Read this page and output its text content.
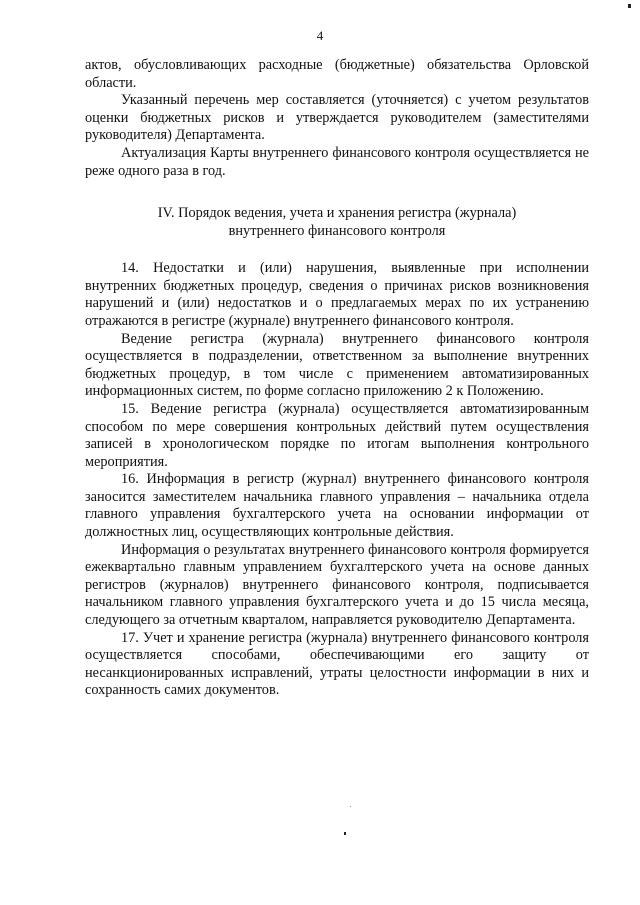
4

актов, обусловливающих расходные (бюджетные) обязательства Орловской области.

Указанный перечень мер составляется (уточняется) с учетом результатов оценки бюджетных рисков и утверждается руководителем (заместителями руководителя) Департамента.

Актуализация Карты внутреннего финансового контроля осуществляется не реже одного раза в год.

IV. Порядок ведения, учета и хранения регистра (журнала)
внутреннего финансового контроля

14. Недостатки и (или) нарушения, выявленные при исполнении внутренних бюджетных процедур, сведения о причинах рисков возникновения нарушений и (или) недостатков и о предлагаемых мерах по их устранению отражаются в регистре (журнале) внутреннего финансового контроля.

Ведение регистра (журнала) внутреннего финансового контроля осуществляется в подразделении, ответственном за выполнение внутренних бюджетных процедур, в том числе с применением автоматизированных информационных систем, по форме согласно приложению 2 к Положению.

15. Ведение регистра (журнала) осуществляется автоматизированным способом по мере совершения контрольных действий путем осуществления записей в хронологическом порядке по итогам выполнения контрольного мероприятия.

16. Информация в регистр (журнал) внутреннего финансового контроля заносится заместителем начальника главного управления – начальника отдела главного управления бухгалтерского учета на основании информации от должностных лиц, осуществляющих контрольные действия.

Информация о результатах внутреннего финансового контроля формируется ежеквартально главным управлением бухгалтерского учета на основе данных регистров (журналов) внутреннего финансового контроля, подписывается начальником главного управления бухгалтерского учета и до 15 числа месяца, следующего за отчетным кварталом, направляется руководителю Департамента.

17. Учет и хранение регистра (журнала) внутреннего финансового контроля осуществляется способами, обеспечивающими его защиту от несанкционированных исправлений, утраты целостности информации в них и сохранность самих документов.
